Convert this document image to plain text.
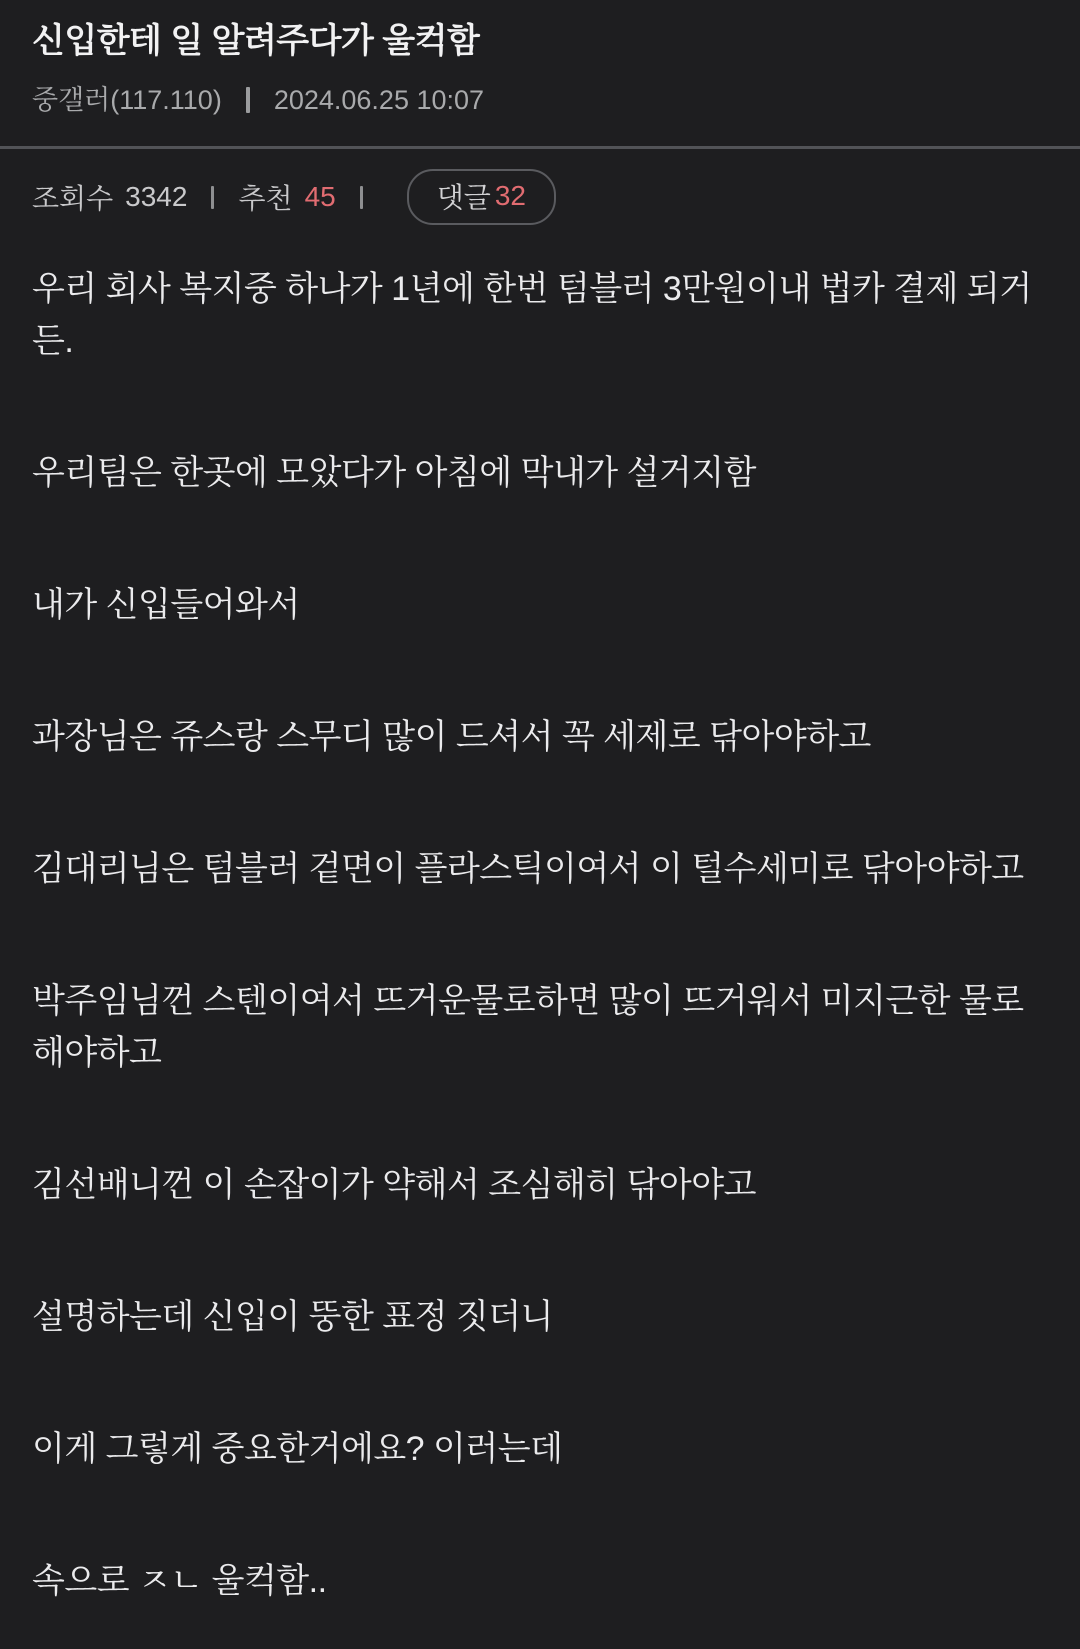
신입한테 일 알려주다가 울컥함
중갤러(117.110) 2024.06.25 10:07
조회수 3342 추천 45	댓글 32

우리 회사 복지중 하나가 1년에 한번 텀블러 3만원이내 법카 결제 되거든.

우리팀은 한곳에 모았다가 아침에 막내가 설거지함

내가 신입들어와서

과장님은 쥬스랑 스무디 많이 드셔서 꼭 세제로 닦아야하고

김대리님은 텀블러 겉면이 플라스틱이여서 이 털수세미로 닦아야하고

박주임님껀 스텐이여서 뜨거운물로하면 많이 뜨거워서 미지근한 물로 해야하고

김선배니껀 이 손잡이가 약해서 조심해히 닦아야고

설명하는데 신입이 뚱한 표정 짓더니

이게 그렇게 중요한거에요? 이러는데

속으로 ㅈㄴ 울컥함..
